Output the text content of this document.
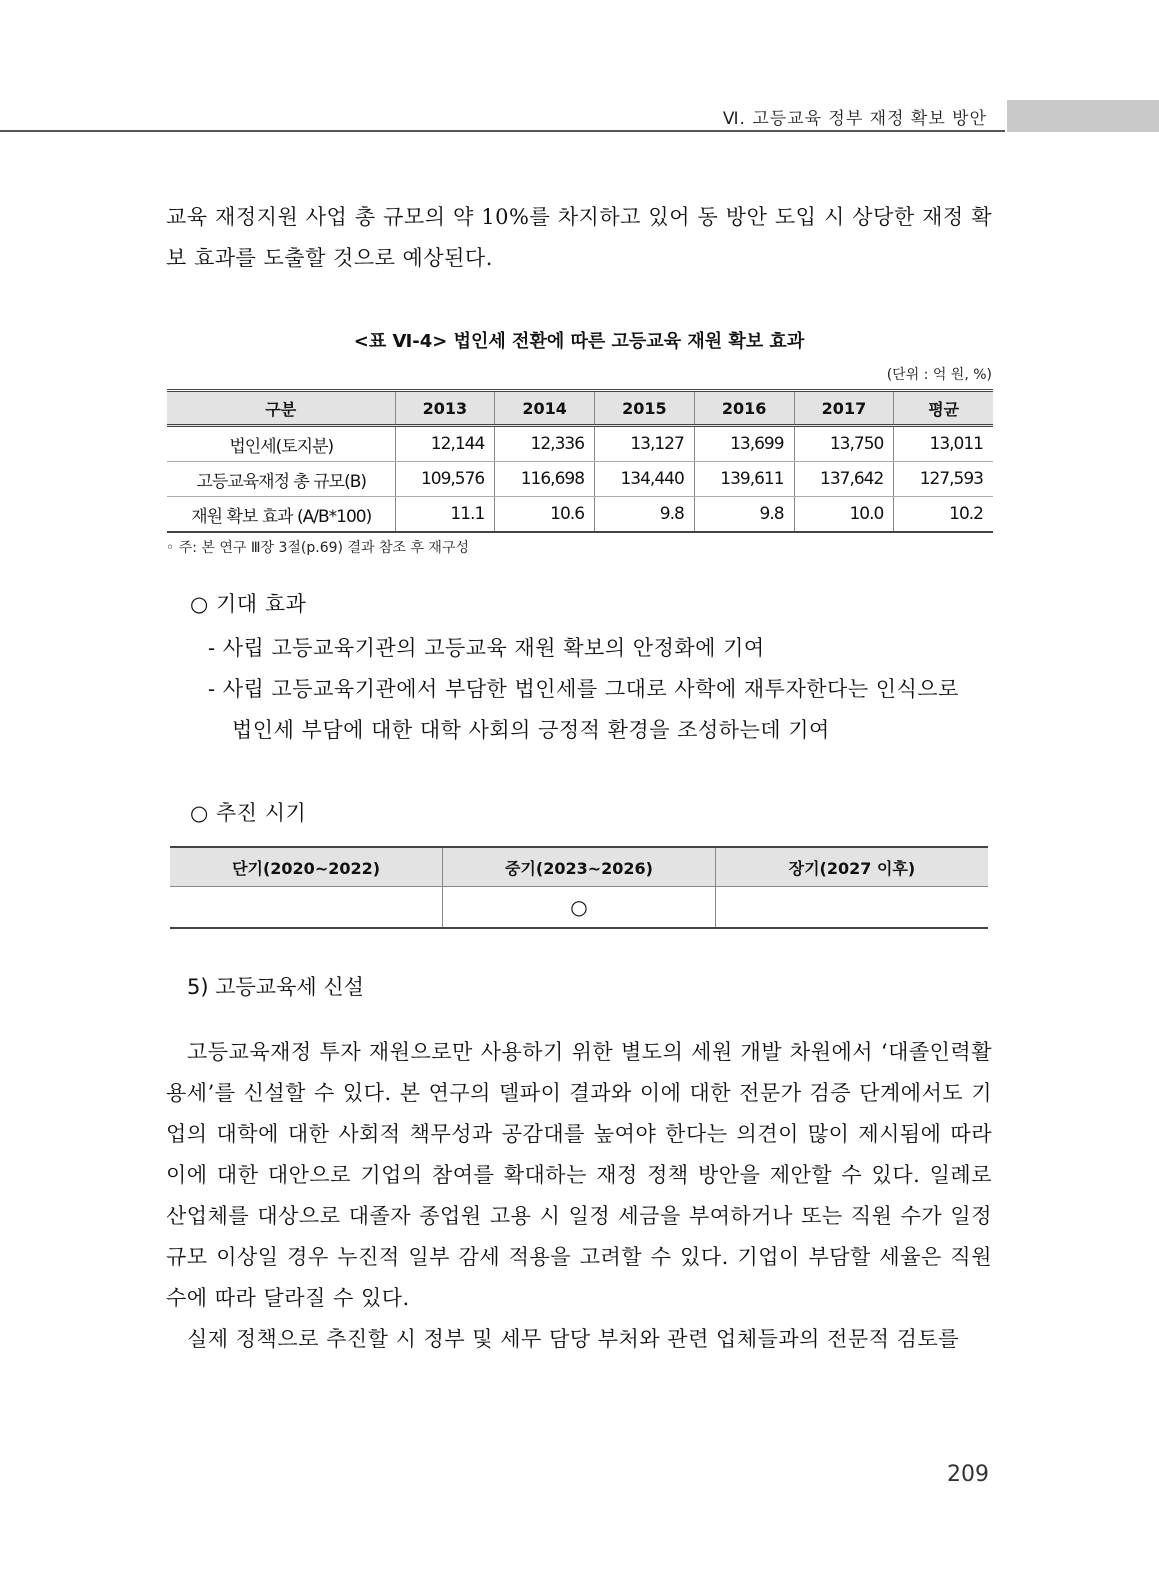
Ⅵ. 고등교육 정부 재정 확보 방안

교육 재정지원 사업 총 규모의 약 10%를 차지하고 있어 동 방안 도입 시 상당한 재정 확보 효과를 도출할 것으로 예상된다.

<표 Ⅵ-4> 법인세 전환에 따른 고등교육 재원 확보 효과
(단위 : 억 원, %)
구분	2013	2014	2015	2016	2017	평균
법인세(토지분)	12,144	12,336	13,127	13,699	13,750	13,011
고등교육재정 총 규모(B)	109,576	116,698	134,440	139,611	137,642	127,593
재원 확보 효과 (A/B*100)	11.1	10.6	9.8	9.8	10.0	10.2
◦ 주: 본 연구 Ⅲ장 3절(p.69) 결과 참조 후 재구성
○ 기대 효과
- 사립 고등교육기관의 고등교육 재원 확보의 안정화에 기여
- 사립 고등교육기관에서 부담한 법인세를 그대로 사학에 재투자한다는 인식으로
법인세 부담에 대한 대학 사회의 긍정적 환경을 조성하는데 기여
○ 추진 시기
단기(2020~2022)	중기(2023~2026)	장기(2027 이후)
	○	
5) 고등교육세 신설

고등교육재정 투자 재원으로만 사용하기 위한 별도의 세원 개발 차원에서 ‘대졸인력활용세’를 신설할 수 있다. 본 연구의 델파이 결과와 이에 대한 전문가 검증 단계에서도 기업의 대학에 대한 사회적 책무성과 공감대를 높여야 한다는 의견이 많이 제시됨에 따라 이에 대한 대안으로 기업의 참여를 확대하는 재정 정책 방안을 제안할 수 있다. 일례로 산업체를 대상으로 대졸자 종업원 고용 시 일정 세금을 부여하거나 또는 직원 수가 일정 규모 이상일 경우 누진적 일부 감세 적용을 고려할 수 있다. 기업이 부담할 세율은 직원 수에 따라 달라질 수 있다.

실제 정책으로 추진할 시 정부 및 세무 담당 부처와 관련 업체들과의 전문적 검토를

209
